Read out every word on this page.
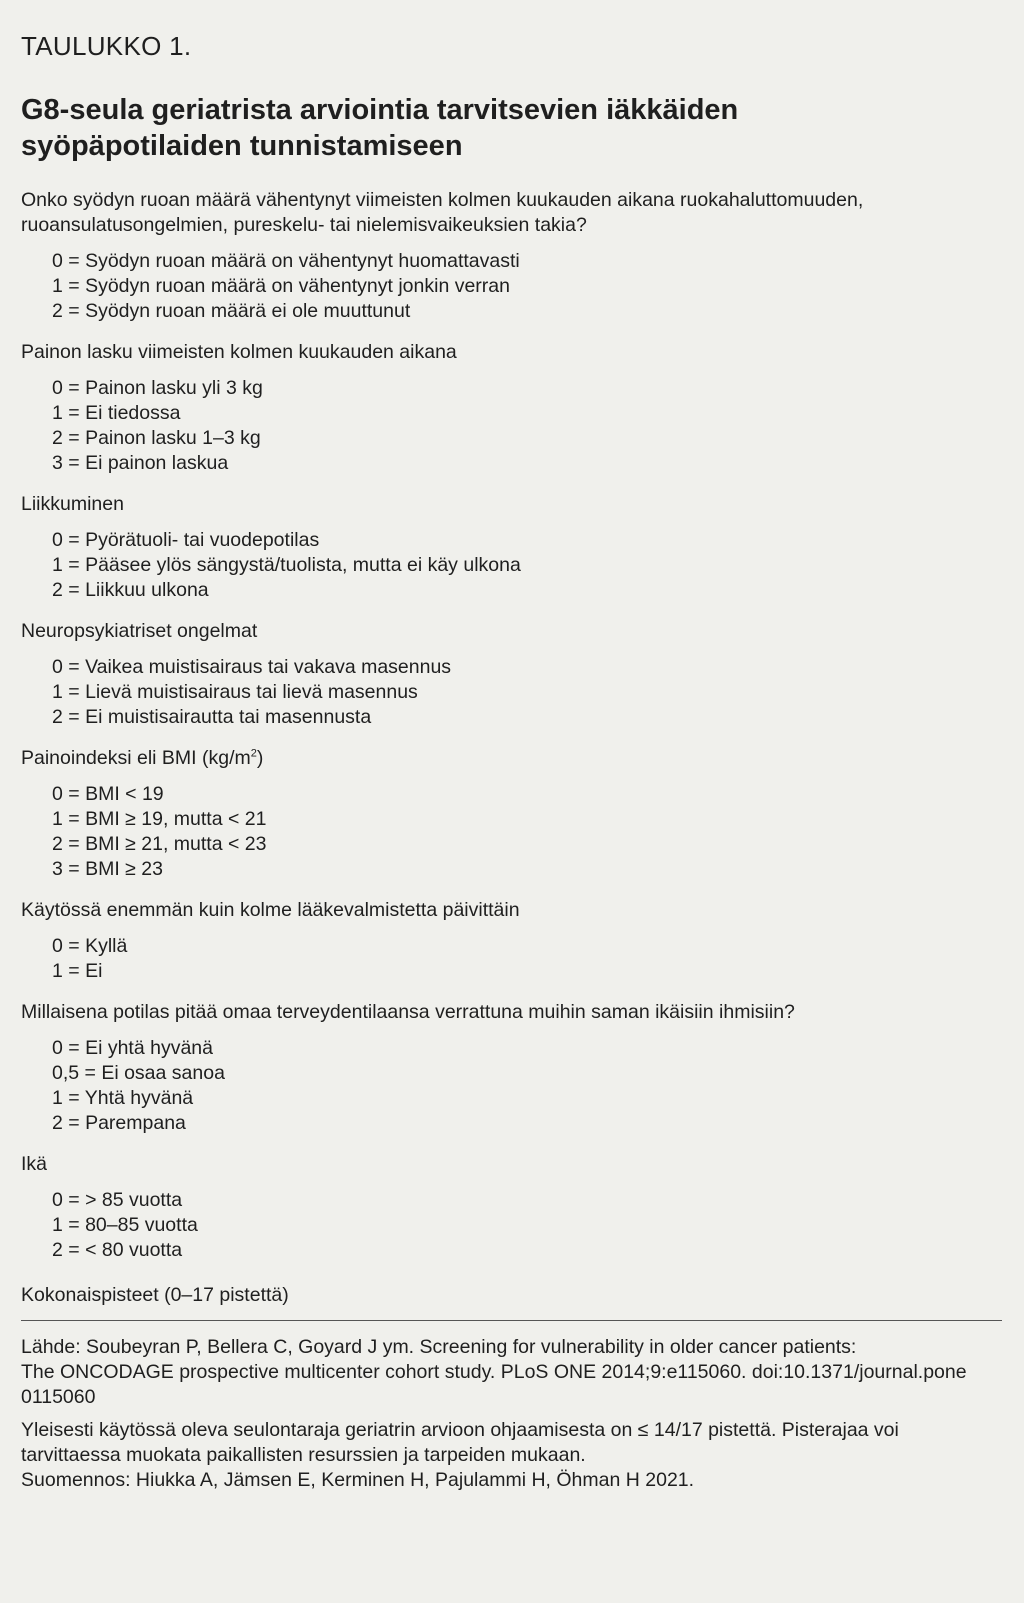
TAULUKKO 1.
G8-seula geriatrista arviointia tarvitsevien iäkkäiden syöpäpotilaiden tunnistamiseen

Onko syödyn ruoan määrä vähentynyt viimeisten kolmen kuukauden aikana ruokahaluttomuuden, ruoansulatusongelmien, pureskelu- tai nielemisvaikeuksien takia?

0 = Syödyn ruoan määrä on vähentynyt huomattavasti
1 = Syödyn ruoan määrä on vähentynyt jonkin verran
2 = Syödyn ruoan määrä ei ole muuttunut

Painon lasku viimeisten kolmen kuukauden aikana

0 = Painon lasku yli 3 kg
1 = Ei tiedossa
2 = Painon lasku 1–3 kg
3 = Ei painon laskua

Liikkuminen

0 = Pyörätuoli- tai vuodepotilas
1 = Pääsee ylös sängystä/tuolista, mutta ei käy ulkona
2 = Liikkuu ulkona

Neuropsykiatriset ongelmat

0 = Vaikea muistisairaus tai vakava masennus
1 = Lievä muistisairaus tai lievä masennus
2 = Ei muistisairautta tai masennusta

Painoindeksi eli BMI $(kg/m^2)$

0 = BMI < 19
1 = BMI ≥ 19, mutta < 21
2 = BMI ≥ 21, mutta < 23
3 = BMI ≥ 23

Käytössä enemmän kuin kolme lääkevalmistetta päivittäin

0 = Kyllä
1 = Ei

Millaisena potilas pitää omaa terveydentilaansa verrattuna muihin saman ikäisiin ihmisiin?

0 = Ei yhtä hyvänä
0,5 = Ei osaa sanoa
1 = Yhtä hyvänä
2 = Parempana

Ikä

0 = > 85 vuotta
1 = 80–85 vuotta
2 = < 80 vuotta
Kokonaispisteet (0–17 pistettä)

Lähde: Soubeyran P, Bellera C, Goyard J ym. Screening for vulnerability in older cancer patients:

The ONCODAGE prospective multicenter cohort study. PLoS ONE 2014;9:e115060. doi:10.1371/journal.pone

0115060

Yleisesti käytössä oleva seulontaraja geriatrin arvioon ohjaamisesta on ≤ 14/17 pistettä. Pisterajaa voi

tarvittaessa muokata paikallisten resurssien ja tarpeiden mukaan.

Suomennos: Hiukka A, Jämsen E, Kerminen H, Pajulammi H, Öhman H 2021.
